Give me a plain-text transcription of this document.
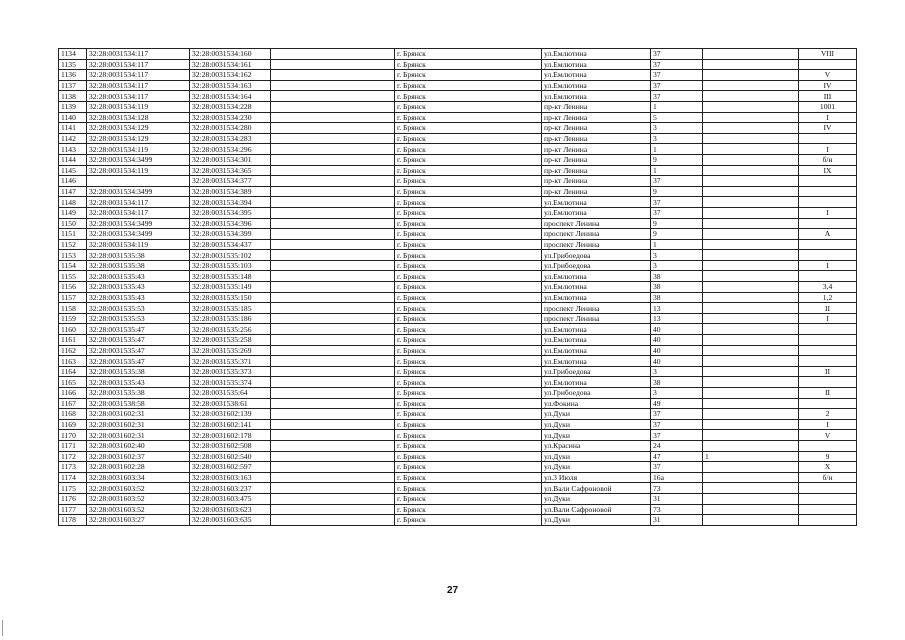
1134	32:28:0031534:117	32:28:0031534:160		г. Брянск	ул.Емлютина	37		VIII
1135	32:28:0031534:117	32:28:0031534:161		г. Брянск	ул.Емлютина	37		
1136	32:28:0031534:117	32:28:0031534:162		г. Брянск	ул.Емлютина	37		V
1137	32:28:0031534:117	32:28:0031534:163		г. Брянск	ул.Емлютина	37		IV
1138	32:28:0031534:117	32:28:0031534:164		г. Брянск	ул.Емлютина	37		III
1139	32:28:0031534:119	32:28:0031534:228		г. Брянск	пр-кт Ленина	1		1001
1140	32:28:0031534:128	32:28:0031534:230		г. Брянск	пр-кт Ленина	5		I
1141	32:28:0031534:129	32:28:0031534:280		г. Брянск	пр-кт Ленина	3		IV
1142	32:28:0031534:129	32:28:0031534:283		г. Брянск	пр-кт Ленина	3		
1143	32:28:0031534:119	32:28:0031534:296		г. Брянск	пр-кт Ленина	1		I
1144	32:28:0031534:3499	32:28:0031534:301		г. Брянск	пр-кт Ленина	9		б/н
1145	32:28:0031534:119	32:28:0031534:365		г. Брянск	пр-кт Ленина	1		IX
1146		32:28:0031534:377		г. Брянск	пр-кт Ленина	37		
1147	32:28:0031534:3499	32:28:0031534:389		г. Брянск	пр-кт Ленина	9		
1148	32:28:0031534:117	32:28:0031534:394		г. Брянск	ул.Емлютина	37		
1149	32:28:0031534:117	32:28:0031534:395		г. Брянск	ул.Емлютина	37		I
1150	32:28:0031534:3499	32:28:0031534:396		г. Брянск	проспект Ленина	9		
1151	32:28:0031534:3499	32:28:0031534:399		г. Брянск	проспект Ленина	9		A
1152	32:28:0031534:119	32:28:0031534:437		г. Брянск	проспект Ленина	1		
1153	32:28:0031535:38	32:28:0031535:102		г. Брянск	ул.Грибоедова	3		
1154	32:28:0031535:38	32:28:0031535:103		г. Брянск	ул.Грибоедова	3		I
1155	32:28:0031535:43	32:28:0031535:148		г. Брянск	ул.Емлютина	38		
1156	32:28:0031535:43	32:28:0031535:149		г. Брянск	ул.Емлютина	38		3,4
1157	32:28:0031535:43	32:28:0031535:150		г. Брянск	ул.Емлютина	38		1,2
1158	32:28:0031535:53	32:28:0031535:185		г. Брянск	проспект Ленина	13		II
1159	32:28:0031535:53	32:28:0031535:186		г. Брянск	проспект Ленина	13		I
1160	32:28:0031535:47	32:28:0031535:256		г. Брянск	ул.Емлютина	40		
1161	32:28:0031535:47	32:28:0031535:258		г. Брянск	ул.Емлютина	40		
1162	32:28:0031535:47	32:28:0031535:269		г. Брянск	ул.Емлютина	40		
1163	32:28:0031535:47	32:28:0031535:371		г. Брянск	ул.Емлютина	40		
1164	32:28:0031535:38	32:28:0031535:373		г. Брянск	ул.Грибоедова	3		II
1165	32:28:0031535:43	32:28:0031535:374		г. Брянск	ул.Емлютина	38		
1166	32:28:0031535:38	32:28:0031535:64		г. Брянск	ул.Грибоедова	3		II
1167	32:28:0031538:58	32:28:0031538:61		г. Брянск	ул.Фокина	49		
1168	32:28:0031602:31	32:28:0031602:139		г. Брянск	ул.Дуки	37		2
1169	32:28:0031602:31	32:28:0031602:141		г. Брянск	ул.Дуки	37		I
1170	32:28:0031602:31	32:28:0031602:178		г. Брянск	ул.Дуки	37		V
1171	32:28:0031602:40	32:28:0031602:508		г. Брянск	ул.Красина	24		
1172	32:28:0031602:37	32:28:0031602:540		г. Брянск	ул.Дуки	47	1	9
1173	32:28:0031602:28	32:28:0031602:597		г. Брянск	ул.Дуки	37		X
1174	32:28:0031603:34	32:28:0031603:163		г. Брянск	ул.3 Июля	16а		б/н
1175	32:28:0031603:52	32:28:0031603:237		г. Брянск	ул.Вали Сафроновой	73		
1176	32:28:0031603:52	32:28:0031603:475		г. Брянск	ул.Дуки	31		
1177	32:28:0031603:52	32:28:0031603:623		г. Брянск	ул.Вали Сафроновой	73		
1178	32:28:0031603:27	32:28:0031603:635		г. Брянск	ул.Дуки	31		
27
